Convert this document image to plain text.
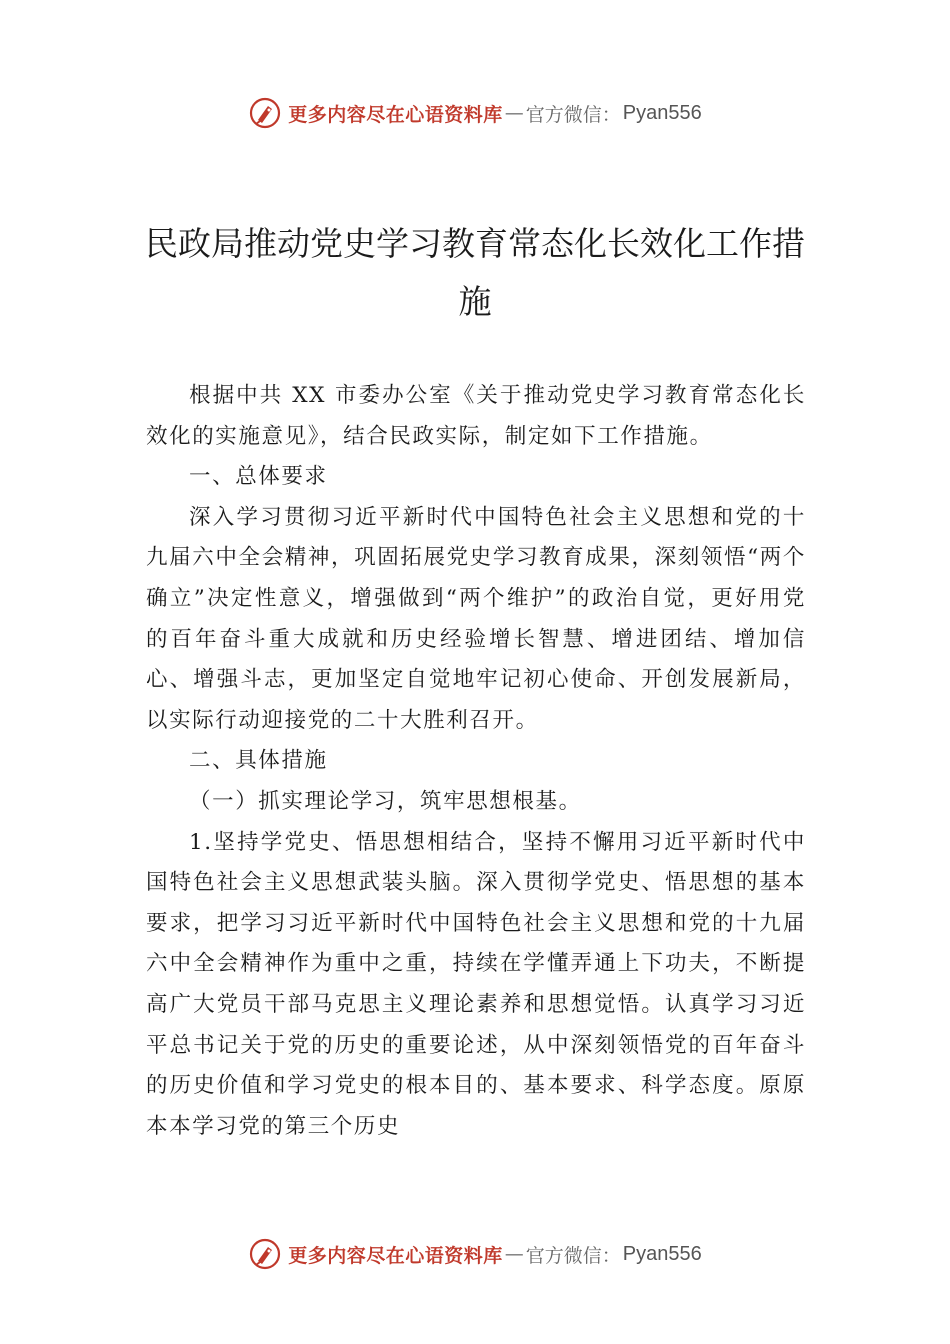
更多内容尽在心语资料库 — 官方微信： Pyan556
民政局推动党史学习教育常态化长效化工作措施

根据中共 XX 市委办公室《关于推动党史学习教育常态化长效化的实施意见》，结合民政实际，制定如下工作措施。

一、总体要求

深入学习贯彻习近平新时代中国特色社会主义思想和党的十九届六中全会精神，巩固拓展党史学习教育成果，深刻领悟“两个确立”决定性意义，增强做到“两个维护”的政治自觉，更好用党的百年奋斗重大成就和历史经验增长智慧、增进团结、增加信心、增强斗志，更加坚定自觉地牢记初心使命、开创发展新局，以实际行动迎接党的二十大胜利召开。

二、具体措施

（一）抓实理论学习，筑牢思想根基。

1.坚持学党史、悟思想相结合，坚持不懈用习近平新时代中国特色社会主义思想武装头脑。深入贯彻学党史、悟思想的基本要求，把学习习近平新时代中国特色社会主义思想和党的十九届六中全会精神作为重中之重，持续在学懂弄通上下功夫，不断提高广大党员干部马克思主义理论素养和思想觉悟。认真学习习近平总书记关于党的历史的重要论述，从中深刻领悟党的百年奋斗的历史价值和学习党史的根本目的、基本要求、科学态度。原原本本学习党的第三个历史

更多内容尽在心语资料库 — 官方微信： Pyan556
